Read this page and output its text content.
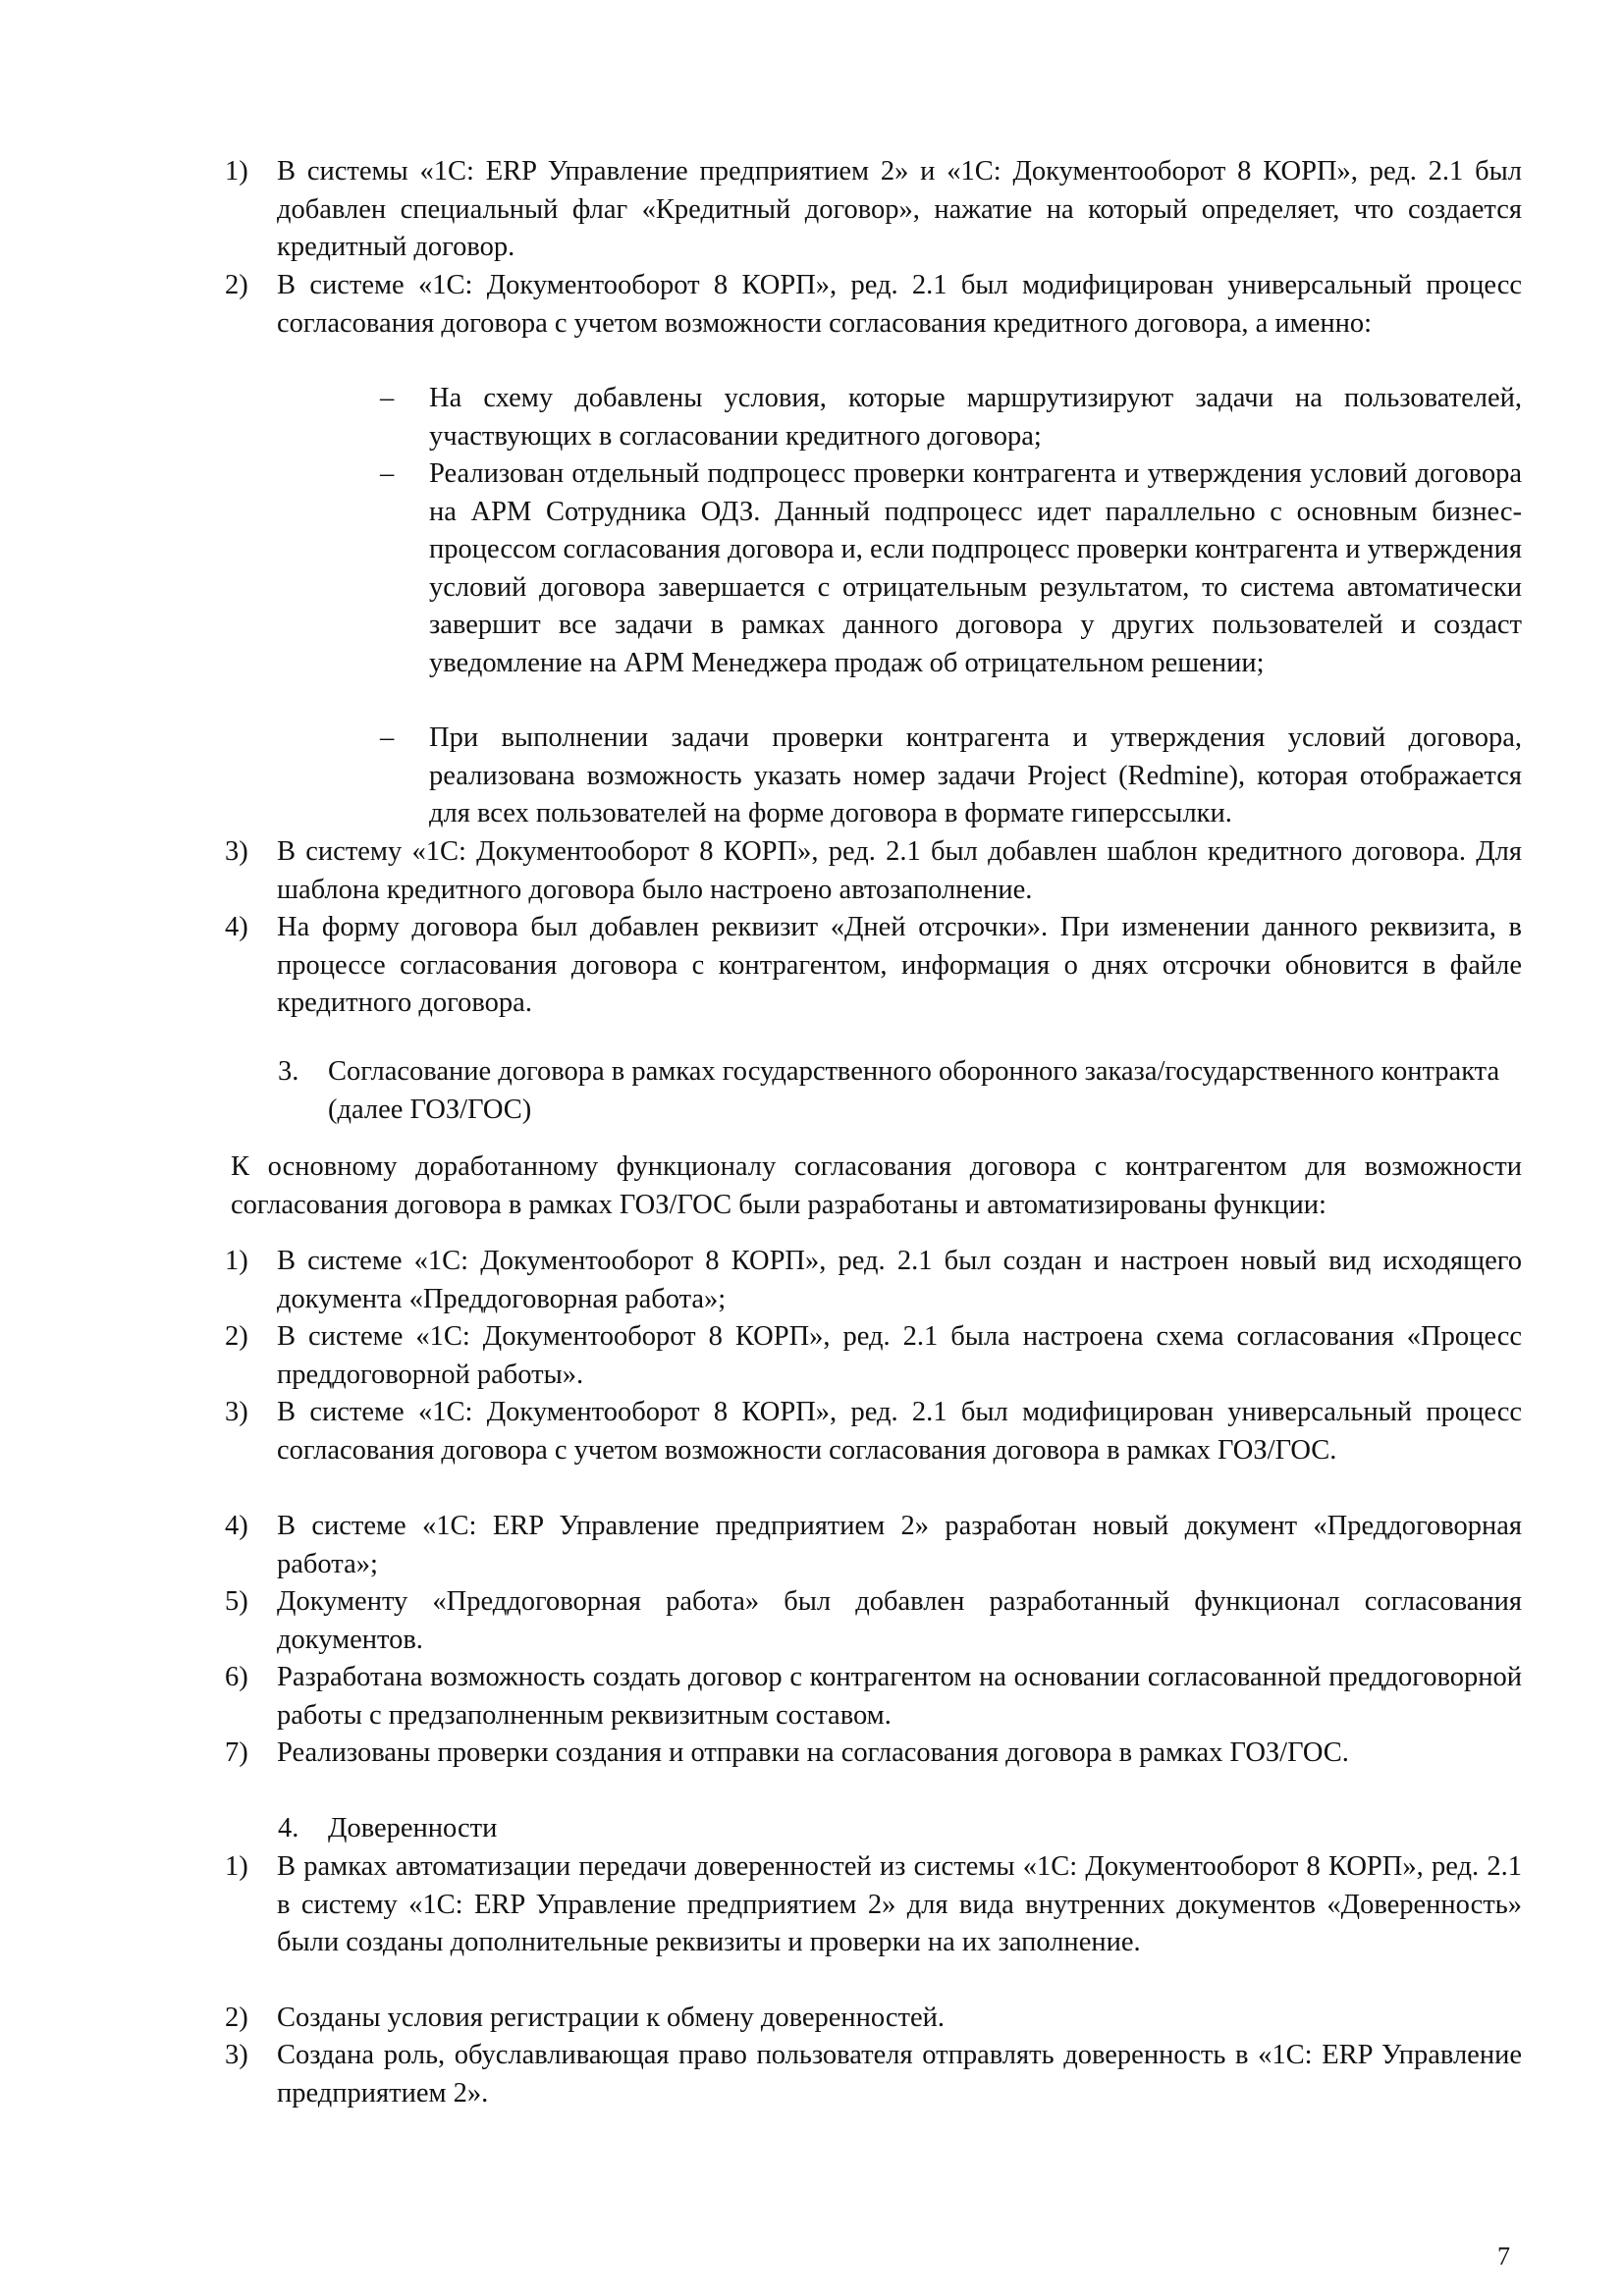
1) В системы «1С: ERP Управление предприятием 2» и «1С: Документооборот 8 КОРП», ред. 2.1 был добавлен специальный флаг «Кредитный договор», нажатие на который определяет, что создается кредитный договор.

2) В системе «1С: Документооборот 8 КОРП», ред. 2.1 был модифицирован универсальный процесс согласования договора с учетом возможности согласования кредитного договора, а именно:

– На схему добавлены условия, которые маршрутизируют задачи на пользователей, участвующих в согласовании кредитного договора;

– Реализован отдельный подпроцесс проверки контрагента и утверждения условий договора на АРМ Сотрудника ОДЗ. Данный подпроцесс идет параллельно с основным бизнес-процессом согласования договора и, если подпроцесс проверки контрагента и утверждения условий договора завершается с отрицательным результатом, то система автоматически завершит все задачи в рамках данного договора у других пользователей и создаст уведомление на АРМ Менеджера продаж об отрицательном решении;

– При выполнении задачи проверки контрагента и утверждения условий договора, реализована возможность указать номер задачи Project (Redmine), которая отображается для всех пользователей на форме договора в формате гиперссылки.

3) В систему «1С: Документооборот 8 КОРП», ред. 2.1 был добавлен шаблон кредитного договора. Для шаблона кредитного договора было настроено автозаполнение.

4) На форму договора был добавлен реквизит «Дней отсрочки». При изменении данного реквизита, в процессе согласования договора с контрагентом, информация о днях отсрочки обновится в файле кредитного договора.

3. Согласование договора в рамках государственного оборонного заказа/государственного контракта (далее ГОЗ/ГОС)

К основному доработанному функционалу согласования договора с контрагентом для возможности согласования договора в рамках ГОЗ/ГОС были разработаны и автоматизированы функции:

1) В системе «1С: Документооборот 8 КОРП», ред. 2.1 был создан и настроен новый вид исходящего документа «Преддоговорная работа»;

2) В системе «1С: Документооборот 8 КОРП», ред. 2.1 была настроена схема согласования «Процесс преддоговорной работы».

3) В системе «1С: Документооборот 8 КОРП», ред. 2.1 был модифицирован универсальный процесс согласования договора с учетом возможности согласования договора в рамках ГОЗ/ГОС.

4) В системе «1С: ERP Управление предприятием 2» разработан новый документ «Преддоговорная работа»;

5) Документу «Преддоговорная работа» был добавлен разработанный функционал согласования документов.

6) Разработана возможность создать договор с контрагентом на основании согласованной преддоговорной работы с предзаполненным реквизитным составом.

7) Реализованы проверки создания и отправки на согласования договора в рамках ГОЗ/ГОС.

4. Доверенности

1) В рамках автоматизации передачи доверенностей из системы «1С: Документооборот 8 КОРП», ред. 2.1 в систему «1С: ERP Управление предприятием 2» для вида внутренних документов «Доверенность» были созданы дополнительные реквизиты и проверки на их заполнение.

2) Созданы условия регистрации к обмену доверенностей.

3) Создана роль, обуславливающая право пользователя отправлять доверенность в «1С: ERP Управление предприятием 2».

7
